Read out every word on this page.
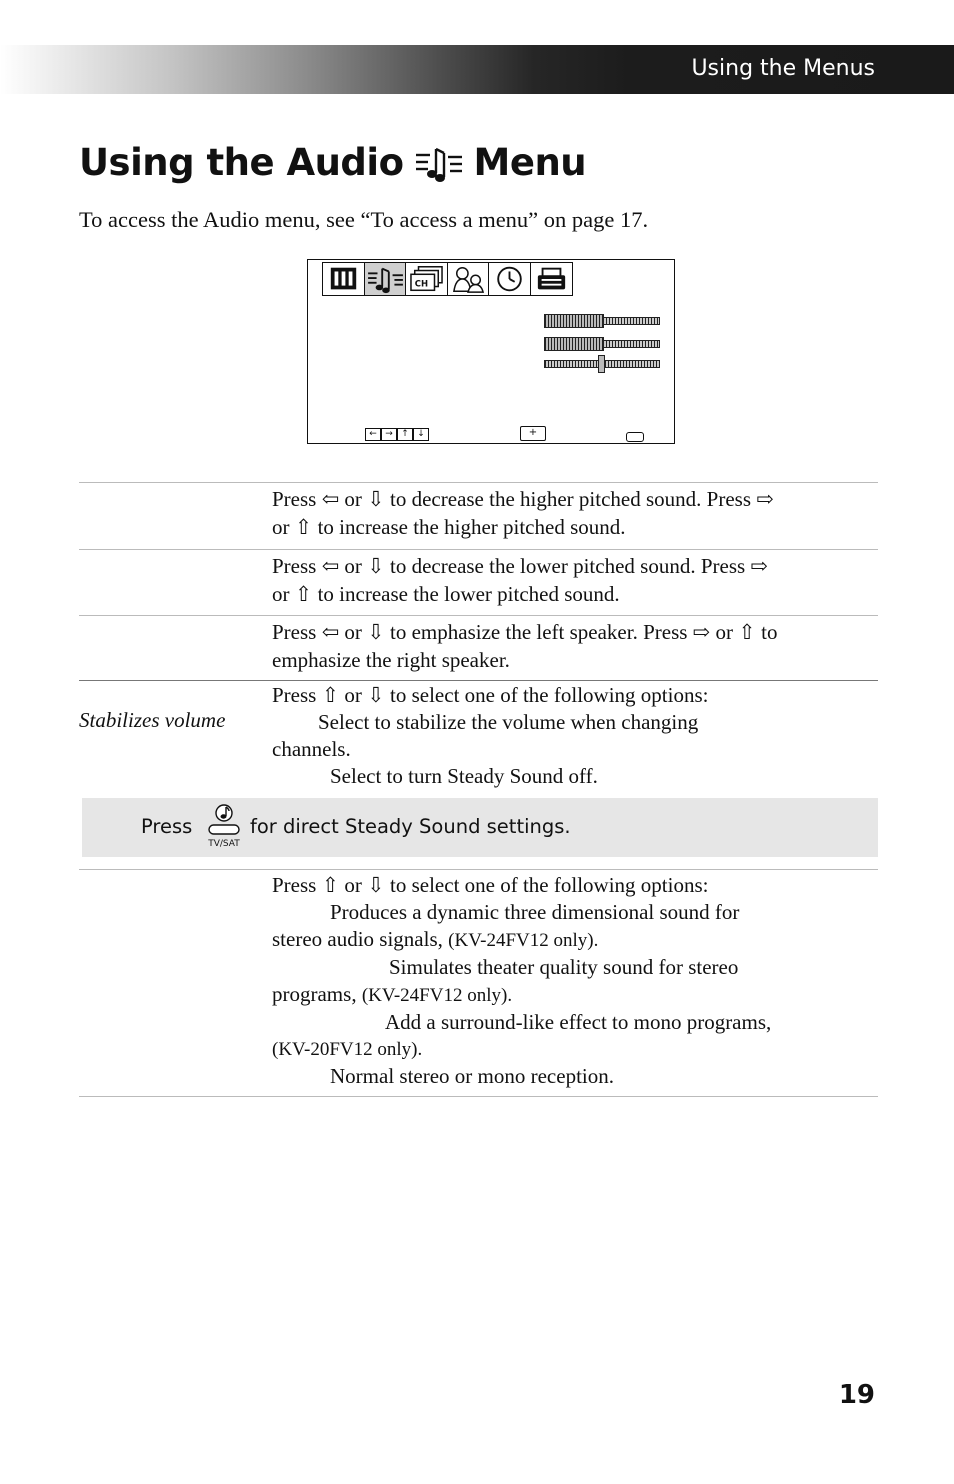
Using the Menus
Using the Audio Menu
To access the Audio menu, see “To access a menu” on page 17.
CH
← → ↑ ↓	+

Press ⇦ or ⇩ to decrease the higher pitched sound. Press ⇨

or ⇧ to increase the higher pitched sound.

Press ⇦ or ⇩ to decrease the lower pitched sound. Press ⇨

or ⇧ to increase the lower pitched sound.

Press ⇦ or ⇩ to emphasize the left speaker. Press ⇨ or ⇧ to

emphasize the right speaker.

Stabilizes volume

Press ⇧ or ⇩ to select one of the following options:

Select to stabilize the volume when changing

channels.

Select to turn Steady Sound off.

Press
TV/SAT
for direct Steady Sound settings.

Press ⇧ or ⇩ to select one of the following options:

Produces a dynamic three dimensional sound for

stereo audio signals, (KV-24FV12 only).

Simulates theater quality sound for stereo

programs, (KV-24FV12 only).

Add a surround-like effect to mono programs,

(KV-20FV12 only).

Normal stereo or mono reception.

19
